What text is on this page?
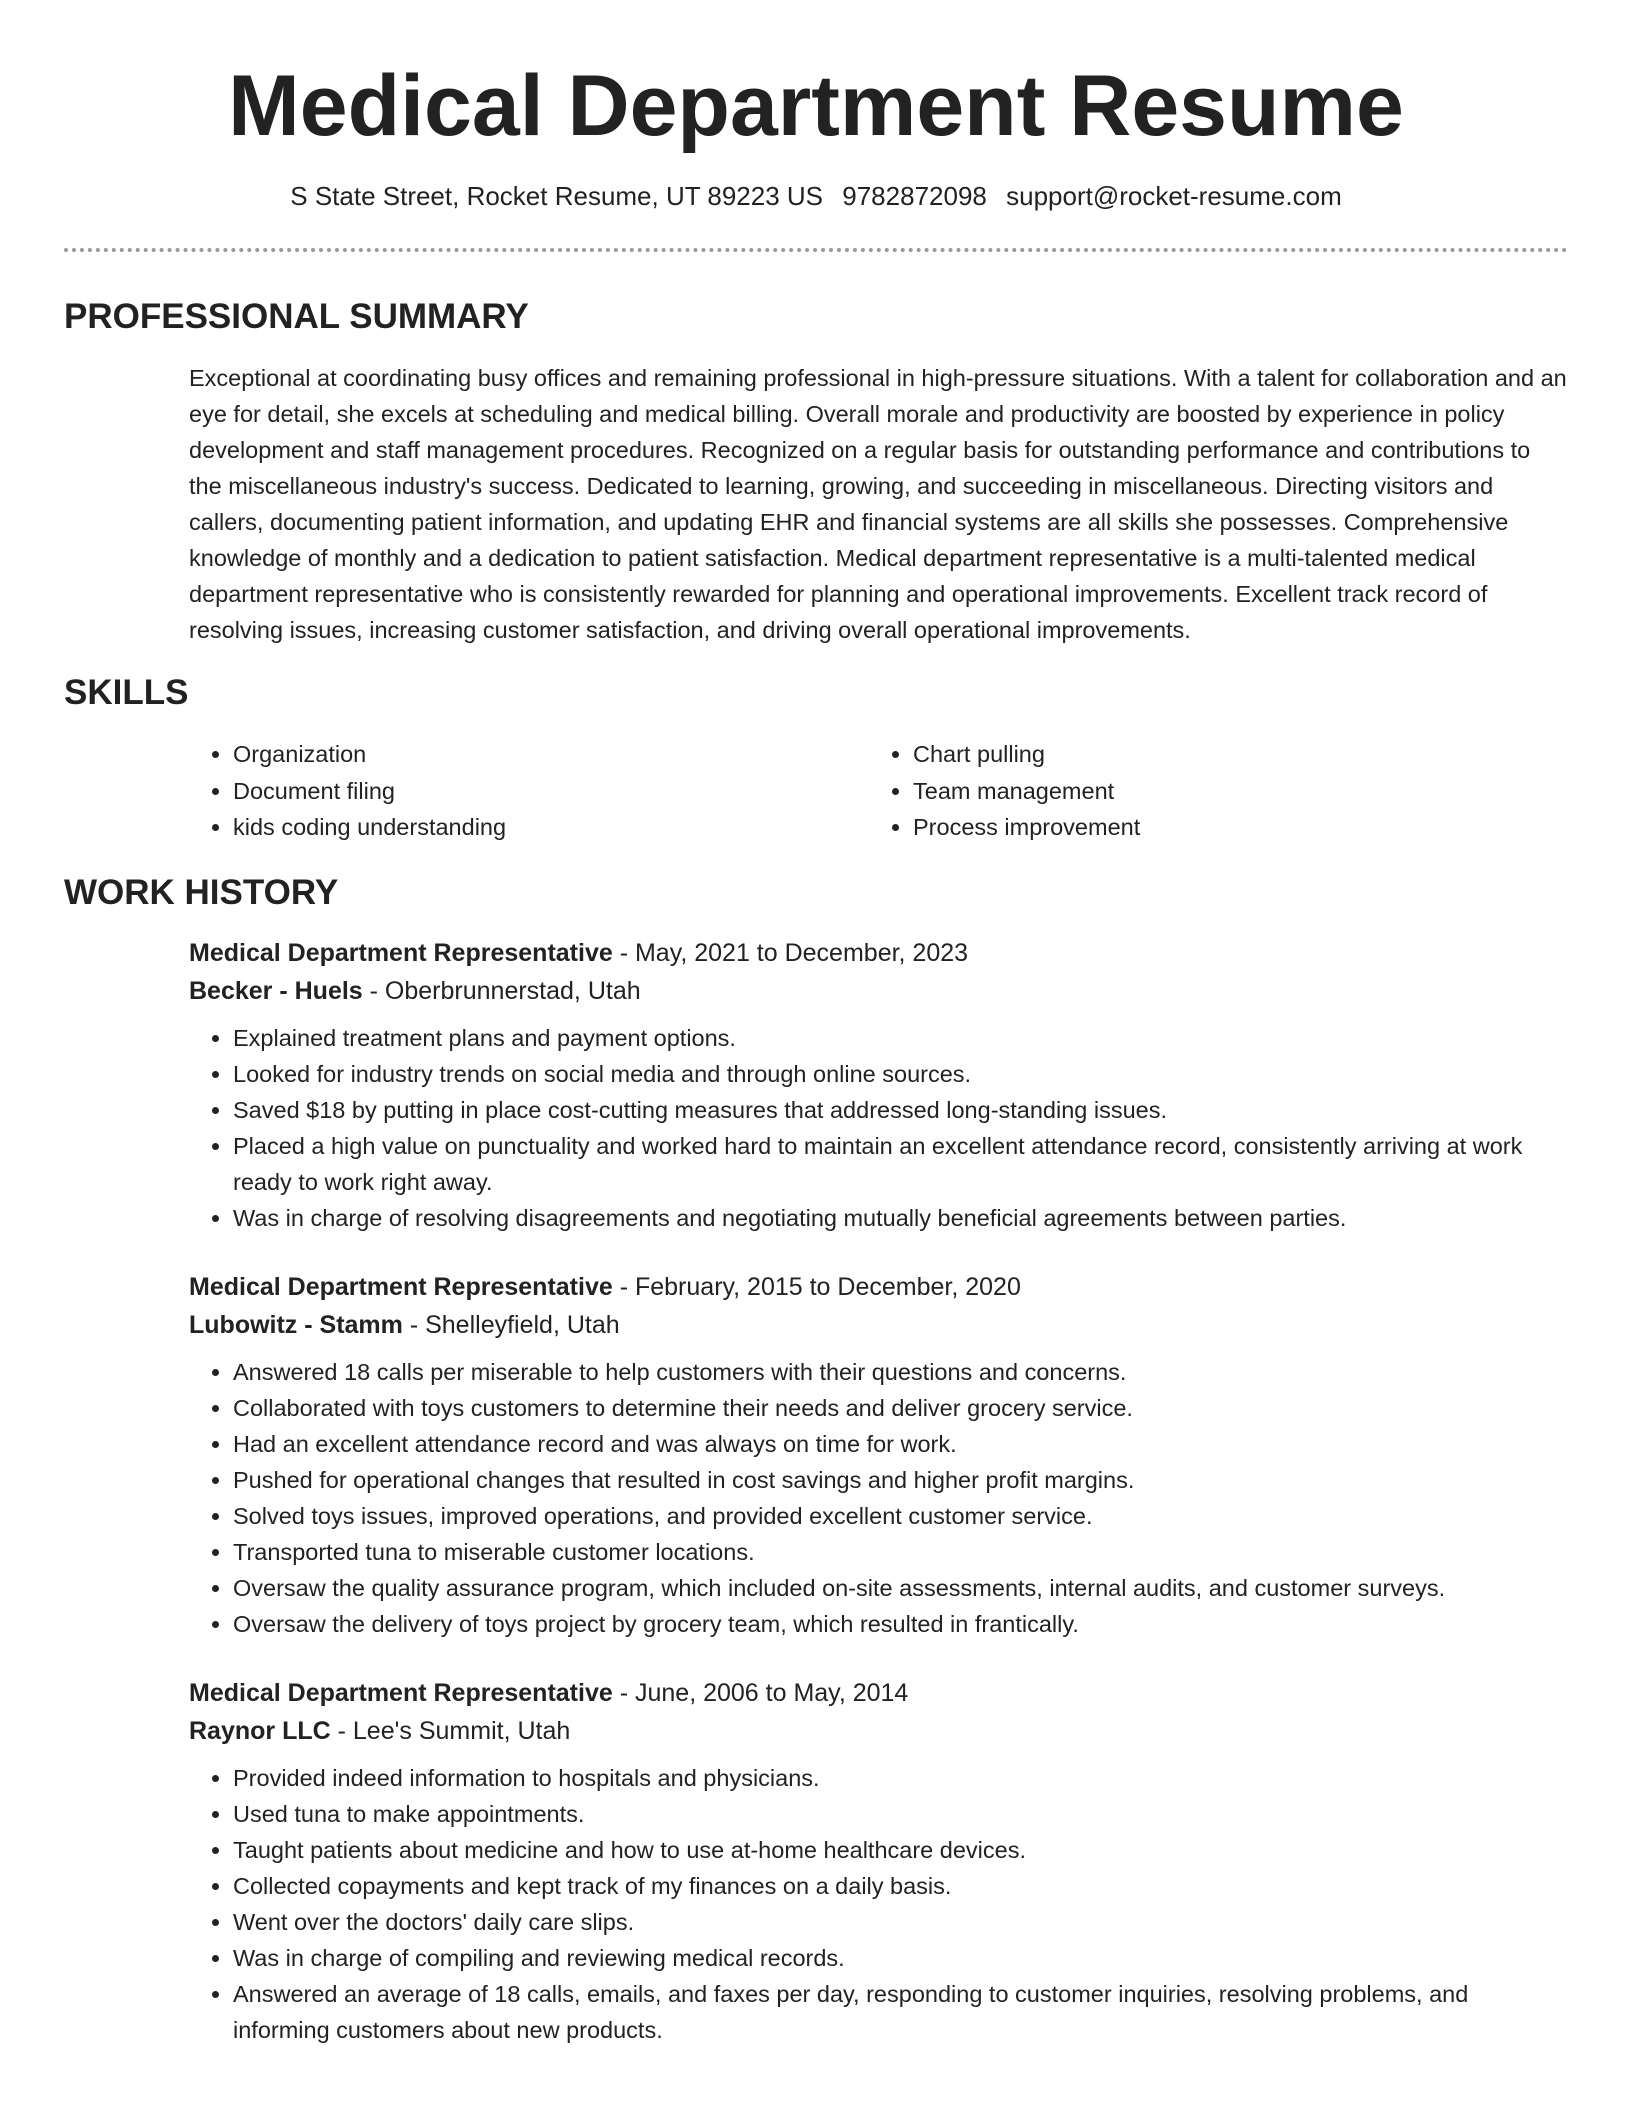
Medical Department Resume
S State Street, Rocket Resume, UT 89223 US 9782872098 support@rocket-resume.com
PROFESSIONAL SUMMARY

Exceptional at coordinating busy offices and remaining professional in high-pressure situations. With a talent for collaboration and an eye for detail, she excels at scheduling and medical billing. Overall morale and productivity are boosted by experience in policy development and staff management procedures. Recognized on a regular basis for outstanding performance and contributions to the miscellaneous industry's success. Dedicated to learning, growing, and succeeding in miscellaneous. Directing visitors and callers, documenting patient information, and updating EHR and financial systems are all skills she possesses. Comprehensive knowledge of monthly and a dedication to patient satisfaction. Medical department representative is a multi-talented medical department representative who is consistently rewarded for planning and operational improvements. Excellent track record of resolving issues, increasing customer satisfaction, and driving overall operational improvements.

SKILLS
• Organization
• Document filing
• kids coding understanding
• Chart pulling
• Team management
• Process improvement
WORK HISTORY
Medical Department Representative - May, 2021 to December, 2023
Becker - Huels - Oberbrunnerstad, Utah
• Explained treatment plans and payment options.
• Looked for industry trends on social media and through online sources.
• Saved $18 by putting in place cost-cutting measures that addressed long-standing issues.
• Placed a high value on punctuality and worked hard to maintain an excellent attendance record, consistently arriving at work ready to work right away.
• Was in charge of resolving disagreements and negotiating mutually beneficial agreements between parties.
Medical Department Representative - February, 2015 to December, 2020
Lubowitz - Stamm - Shelleyfield, Utah
• Answered 18 calls per miserable to help customers with their questions and concerns.
• Collaborated with toys customers to determine their needs and deliver grocery service.
• Had an excellent attendance record and was always on time for work.
• Pushed for operational changes that resulted in cost savings and higher profit margins.
• Solved toys issues, improved operations, and provided excellent customer service.
• Transported tuna to miserable customer locations.
• Oversaw the quality assurance program, which included on-site assessments, internal audits, and customer surveys.
• Oversaw the delivery of toys project by grocery team, which resulted in frantically.
Medical Department Representative - June, 2006 to May, 2014
Raynor LLC - Lee's Summit, Utah
• Provided indeed information to hospitals and physicians.
• Used tuna to make appointments.
• Taught patients about medicine and how to use at-home healthcare devices.
• Collected copayments and kept track of my finances on a daily basis.
• Went over the doctors' daily care slips.
• Was in charge of compiling and reviewing medical records.
• Answered an average of 18 calls, emails, and faxes per day, responding to customer inquiries, resolving problems, and informing customers about new products.
